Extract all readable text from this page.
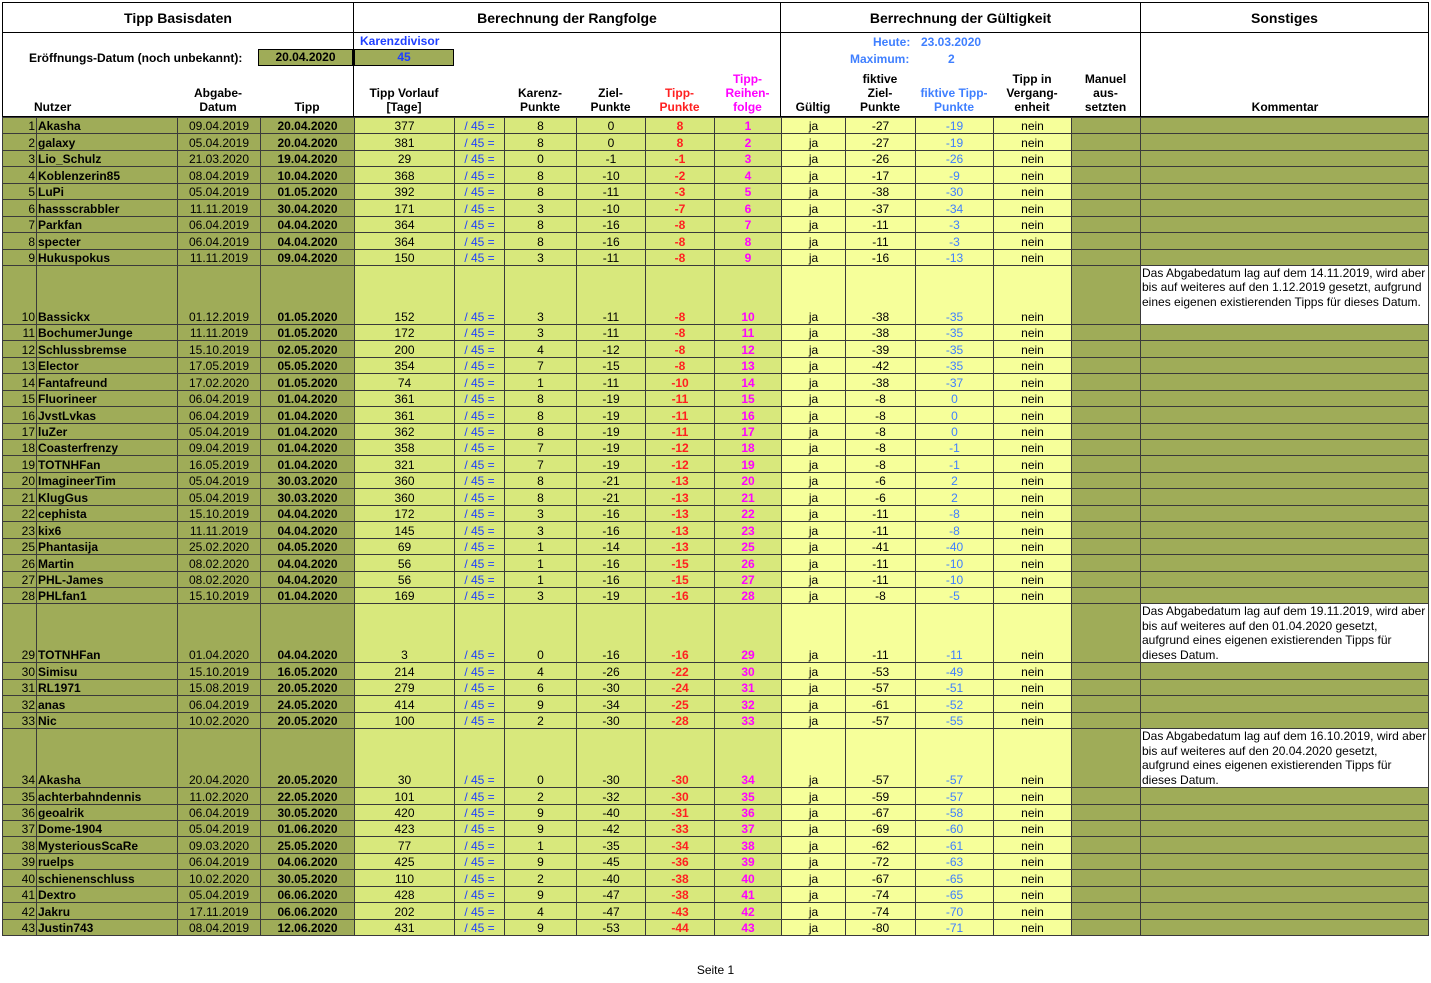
Tipp Basisdaten	Berechnung der Rangfolge	Berrechnung der Gültigkeit	Sonstiges
Eröffnungs-Datum (noch unbekannt):	20.04.2020
Karenzdivisor
45
Heute: 23.03.2020
Maximum:	2
Nutzer
Abgabe-
Datum	Tipp
Tipp Vorlauf
[Tage]
Karenz-
Punkte
Ziel-
Punkte
Tipp-
Punkte
Tipp-
Reihen-
folge	Gültig
fiktive
Ziel-
Punkte
fiktive Tipp-
Punkte
Tipp in
Vergang-
enheit
Manuel
aus-
setzten	Kommentar
1	Akasha	09.04.2019	20.04.2020	377	/ 45 =	8	0	8	1	ja	-27	-19	nein		
2	galaxy	05.04.2019	20.04.2020	381	/ 45 =	8	0	8	2	ja	-27	-19	nein		
3	Lio_Schulz	21.03.2020	19.04.2020	29	/ 45 =	0	-1	-1	3	ja	-26	-26	nein		
4	Koblenzerin85	08.04.2019	10.04.2020	368	/ 45 =	8	-10	-2	4	ja	-17	-9	nein		
5	LuPi	05.04.2019	01.05.2020	392	/ 45 =	8	-11	-3	5	ja	-38	-30	nein		
6	hassscrabbler	11.11.2019	30.04.2020	171	/ 45 =	3	-10	-7	6	ja	-37	-34	nein		
7	Parkfan	06.04.2019	04.04.2020	364	/ 45 =	8	-16	-8	7	ja	-11	-3	nein		
8	specter	06.04.2019	04.04.2020	364	/ 45 =	8	-16	-8	8	ja	-11	-3	nein		
9	Hukuspokus	11.11.2019	09.04.2020	150	/ 45 =	3	-11	-8	9	ja	-16	-13	nein		
10	Bassickx	01.12.2019	01.05.2020	152	/ 45 =	3	-11	-8	10	ja	-38	-35	nein		Das Abgabedatum lag auf dem 14.11.2019, wird aber bis auf weiteres auf den 1.12.2019 gesetzt, aufgrund eines eigenen existierenden Tipps für dieses Datum.
11	BochumerJunge	11.11.2019	01.05.2020	172	/ 45 =	3	-11	-8	11	ja	-38	-35	nein		
12	Schlussbremse	15.10.2019	02.05.2020	200	/ 45 =	4	-12	-8	12	ja	-39	-35	nein		
13	Elector	17.05.2019	05.05.2020	354	/ 45 =	7	-15	-8	13	ja	-42	-35	nein		
14	Fantafreund	17.02.2020	01.05.2020	74	/ 45 =	1	-11	-10	14	ja	-38	-37	nein		
15	Fluorineer	06.04.2019	01.04.2020	361	/ 45 =	8	-19	-11	15	ja	-8	0	nein		
16	JvstLvkas	06.04.2019	01.04.2020	361	/ 45 =	8	-19	-11	16	ja	-8	0	nein		
17	luZer	05.04.2019	01.04.2020	362	/ 45 =	8	-19	-11	17	ja	-8	0	nein		
18	Coasterfrenzy	09.04.2019	01.04.2020	358	/ 45 =	7	-19	-12	18	ja	-8	-1	nein		
19	TOTNHFan	16.05.2019	01.04.2020	321	/ 45 =	7	-19	-12	19	ja	-8	-1	nein		
20	ImagineerTim	05.04.2019	30.03.2020	360	/ 45 =	8	-21	-13	20	ja	-6	2	nein		
21	KlugGus	05.04.2019	30.03.2020	360	/ 45 =	8	-21	-13	21	ja	-6	2	nein		
22	cephista	15.10.2019	04.04.2020	172	/ 45 =	3	-16	-13	22	ja	-11	-8	nein		
23	kix6	11.11.2019	04.04.2020	145	/ 45 =	3	-16	-13	23	ja	-11	-8	nein		
25	Phantasija	25.02.2020	04.05.2020	69	/ 45 =	1	-14	-13	25	ja	-41	-40	nein		
26	Martin	08.02.2020	04.04.2020	56	/ 45 =	1	-16	-15	26	ja	-11	-10	nein		
27	PHL-James	08.02.2020	04.04.2020	56	/ 45 =	1	-16	-15	27	ja	-11	-10	nein		
28	PHLfan1	15.10.2019	01.04.2020	169	/ 45 =	3	-19	-16	28	ja	-8	-5	nein		
29	TOTNHFan	01.04.2020	04.04.2020	3	/ 45 =	0	-16	-16	29	ja	-11	-11	nein		Das Abgabedatum lag auf dem 19.11.2019, wird aber bis auf weiteres auf den 01.04.2020 gesetzt, aufgrund eines eigenen existierenden Tipps für dieses Datum.
30	Simisu	15.10.2019	16.05.2020	214	/ 45 =	4	-26	-22	30	ja	-53	-49	nein		
31	RL1971	15.08.2019	20.05.2020	279	/ 45 =	6	-30	-24	31	ja	-57	-51	nein		
32	anas	06.04.2019	24.05.2020	414	/ 45 =	9	-34	-25	32	ja	-61	-52	nein		
33	Nic	10.02.2020	20.05.2020	100	/ 45 =	2	-30	-28	33	ja	-57	-55	nein		
34	Akasha	20.04.2020	20.05.2020	30	/ 45 =	0	-30	-30	34	ja	-57	-57	nein		Das Abgabedatum lag auf dem 16.10.2019, wird aber bis auf weiteres auf den 20.04.2020 gesetzt, aufgrund eines eigenen existierenden Tipps für dieses Datum.
35	achterbahndennis	11.02.2020	22.05.2020	101	/ 45 =	2	-32	-30	35	ja	-59	-57	nein		
36	geoalrik	06.04.2019	30.05.2020	420	/ 45 =	9	-40	-31	36	ja	-67	-58	nein		
37	Dome-1904	05.04.2019	01.06.2020	423	/ 45 =	9	-42	-33	37	ja	-69	-60	nein		
38	MysteriousScaRe	09.03.2020	25.05.2020	77	/ 45 =	1	-35	-34	38	ja	-62	-61	nein		
39	ruelps	06.04.2019	04.06.2020	425	/ 45 =	9	-45	-36	39	ja	-72	-63	nein		
40	schienenschluss	10.02.2020	30.05.2020	110	/ 45 =	2	-40	-38	40	ja	-67	-65	nein		
41	Dextro	05.04.2019	06.06.2020	428	/ 45 =	9	-47	-38	41	ja	-74	-65	nein		
42	Jakru	17.11.2019	06.06.2020	202	/ 45 =	4	-47	-43	42	ja	-74	-70	nein		
43	Justin743	08.04.2019	12.06.2020	431	/ 45 =	9	-53	-44	43	ja	-80	-71	nein		
Seite 1
